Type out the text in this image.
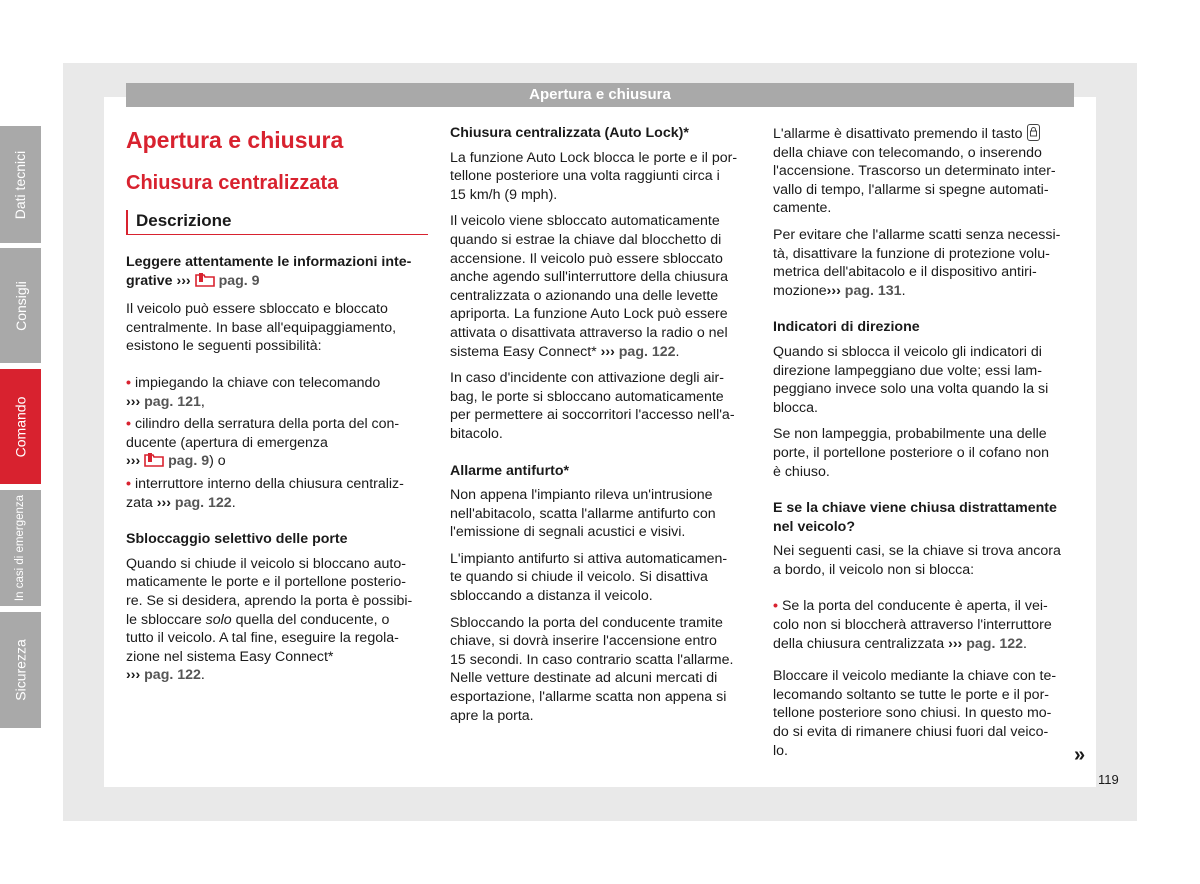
Apertura e chiusura
Apertura e chiusura
Chiusura centralizzata
Descrizione
Leggere attentamente le informazioni inte-
grative ››› pag. 9

Il veicolo può essere sbloccato e bloccato
centralmente. In base all'equipaggiamento,
esistono le seguenti possibilità:

• impiegando la chiave con telecomando
››› pag. 121,
• cilindro della serratura della porta del con-
ducente (apertura di emergenza
››› pag. 9) o
• interruttore interno della chiusura centraliz-
zata ››› pag. 122.
Sbloccaggio selettivo delle porte

Quando si chiude il veicolo si bloccano auto-
maticamente le porte e il portellone posterio-
re. Se si desidera, aprendo la porta è possibi-
le sbloccare solo quella del conducente, o
tutto il veicolo. A tal fine, eseguire la regola-
zione nel sistema Easy Connect*
››› pag. 122.

Chiusura centralizzata (Auto Lock)*

La funzione Auto Lock blocca le porte e il por-
tellone posteriore una volta raggiunti circa i
15 km/h (9 mph).

Il veicolo viene sbloccato automaticamente
quando si estrae la chiave dal blocchetto di
accensione. Il veicolo può essere sbloccato
anche agendo sull'interruttore della chiusura
centralizzata o azionando una delle levette
apriporta. La funzione Auto Lock può essere
attivata o disattivata attraverso la radio o nel
sistema Easy Connect* ››› pag. 122.

In caso d'incidente con attivazione degli air-
bag, le porte si sbloccano automaticamente
per permettere ai soccorritori l'accesso nell'a-
bitacolo.

Allarme antifurto*

Non appena l'impianto rileva un'intrusione
nell'abitacolo, scatta l'allarme antifurto con
l'emissione di segnali acustici e visivi.

L'impianto antifurto si attiva automaticamen-
te quando si chiude il veicolo. Si disattiva
sbloccando a distanza il veicolo.

Sbloccando la porta del conducente tramite
chiave, si dovrà inserire l'accensione entro
15 secondi. In caso contrario scatta l'allarme.
Nelle vetture destinate ad alcuni mercati di
esportazione, l'allarme scatta non appena si
apre la porta.

L'allarme è disattivato premendo il tasto

della chiave con telecomando, o inserendo
l'accensione. Trascorso un determinato inter-
vallo di tempo, l'allarme si spegne automati-
camente.

Per evitare che l'allarme scatti senza necessi-
tà, disattivare la funzione di protezione volu-
metrica dell'abitacolo e il dispositivo antiri-
mozione››› pag. 131.

Indicatori di direzione

Quando si sblocca il veicolo gli indicatori di
direzione lampeggiano due volte; essi lam-
peggiano invece solo una volta quando la si
blocca.

Se non lampeggia, probabilmente una delle
porte, il portellone posteriore o il cofano non
è chiuso.

E se la chiave viene chiusa distrattamente
nel veicolo?

Nei seguenti casi, se la chiave si trova ancora
a bordo, il veicolo non si blocca:

• Se la porta del conducente è aperta, il vei-
colo non si bloccherà attraverso l'interruttore
della chiusura centralizzata ››› pag. 122.

Bloccare il veicolo mediante la chiave con te-
lecomando soltanto se tutte le porte e il por-
tellone posteriore sono chiusi. In questo mo-
do si evita di rimanere chiusi fuori dal veico-
lo.

Dati tecnici
Consigli
Comando
In casi di emergenza
Sicurezza
»
119
